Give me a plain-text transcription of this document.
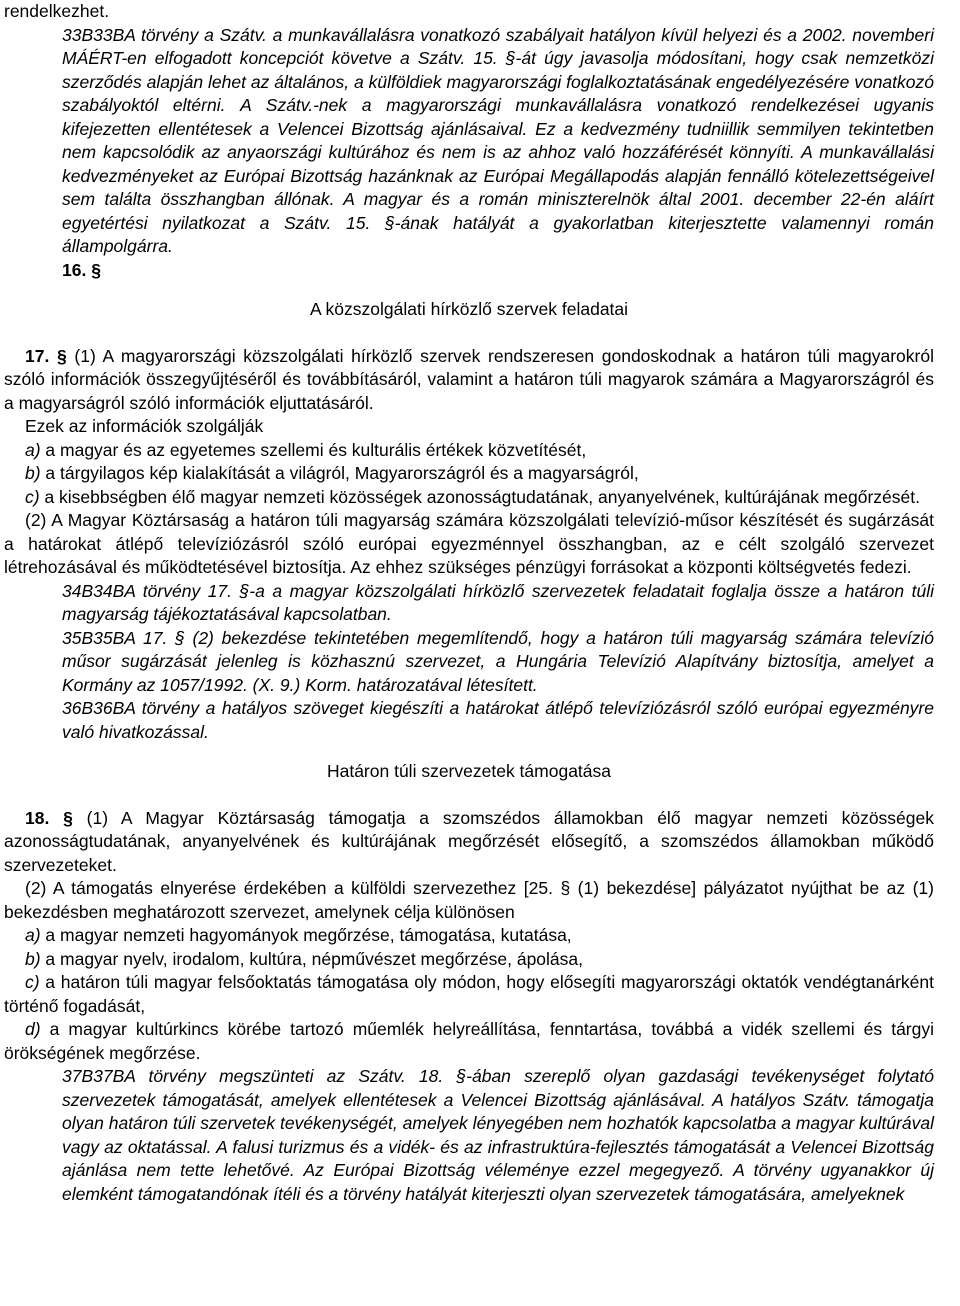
rendelkezhet.

33B33BA törvény a Szátv. a munkavállalásra vonatkozó szabályait hatályon kívül helyezi és a 2002. novemberi MÁÉRT-en elfogadott koncepciót követve a Szátv. 15. §-át úgy javasolja módosítani, hogy csak nemzetközi szerződés alapján lehet az általános, a külföldiek magyarországi foglalkoztatásának engedélyezésére vonatkozó szabályoktól eltérni. A Szátv.-nek a magyarországi munkavállalásra vonatkozó rendelkezései ugyanis kifejezetten ellentétesek a Velencei Bizottság ajánlásaival. Ez a kedvezmény tudniillik semmilyen tekintetben nem kapcsolódik az anyaországi kultúrához és nem is az ahhoz való hozzáférését könnyíti. A munkavállalási kedvezményeket az Európai Bizottság hazánknak az Európai Megállapodás alapján fennálló kötelezettségeivel sem találta összhangban állónak. A magyar és a román miniszterelnök által 2001. december 22-én aláírt egyetértési nyilatkozat a Szátv. 15. §-ának hatályát a gyakorlatban kiterjesztette valamennyi román állampolgárra.

16. §

A közszolgálati hírközlő szervek feladatai

17. § (1) A magyarországi közszolgálati hírközlő szervek rendszeresen gondoskodnak a határon túli magyarokról szóló információk összegyűjtéséről és továbbításáról, valamint a határon túli magyarok számára a Magyarországról és a magyarságról szóló információk eljuttatásáról.

Ezek az információk szolgálják

a) a magyar és az egyetemes szellemi és kulturális értékek közvetítését,

b) a tárgyilagos kép kialakítását a világról, Magyarországról és a magyarságról,

c) a kisebbségben élő magyar nemzeti közösségek azonosságtudatának, anyanyelvének, kultúrájának megőrzését.

(2) A Magyar Köztársaság a határon túli magyarság számára közszolgálati televízió-műsor készítését és sugárzását a határokat átlépő televíziózásról szóló európai egyezménnyel összhangban, az e célt szolgáló szervezet létrehozásával és működtetésével biztosítja. Az ehhez szükséges pénzügyi forrásokat a központi költségvetés fedezi.

34B34BA törvény 17. §-a a magyar közszolgálati hírközlő szervezetek feladatait foglalja össze a határon túli magyarság tájékoztatásával kapcsolatban.

35B35BA 17. § (2) bekezdése tekintetében megemlítendő, hogy a határon túli magyarság számára televízió műsor sugárzását jelenleg is közhasznú szervezet, a Hungária Televízió Alapítvány biztosítja, amelyet a Kormány az 1057/1992. (X. 9.) Korm. határozatával létesített.

36B36BA törvény a hatályos szöveget kiegészíti a határokat átlépő televíziózásról szóló európai egyezményre való hivatkozással.

Határon túli szervezetek támogatása

18. § (1) A Magyar Köztársaság támogatja a szomszédos államokban élő magyar nemzeti közösségek azonosságtudatának, anyanyelvének és kultúrájának megőrzését elősegítő, a szomszédos államokban működő szervezeteket.

(2) A támogatás elnyerése érdekében a külföldi szervezethez [25. § (1) bekezdése] pályázatot nyújthat be az (1) bekezdésben meghatározott szervezet, amelynek célja különösen

a) a magyar nemzeti hagyományok megőrzése, támogatása, kutatása,

b) a magyar nyelv, irodalom, kultúra, népművészet megőrzése, ápolása,

c) a határon túli magyar felsőoktatás támogatása oly módon, hogy elősegíti magyarországi oktatók vendégtanárként történő fogadását,

d) a magyar kultúrkincs körébe tartozó műemlék helyreállítása, fenntartása, továbbá a vidék szellemi és tárgyi örökségének megőrzése.

37B37BA törvény megszünteti az Szátv. 18. §-ában szereplő olyan gazdasági tevékenységet folytató szervezetek támogatását, amelyek ellentétesek a Velencei Bizottság ajánlásával. A hatályos Szátv. támogatja olyan határon túli szervetek tevékenységét, amelyek lényegében nem hozhatók kapcsolatba a magyar kultúrával vagy az oktatással. A falusi turizmus és a vidék- és az infrastruktúra-fejlesztés támogatását a Velencei Bizottság ajánlása nem tette lehetővé. Az Európai Bizottság véleménye ezzel megegyező. A törvény ugyanakkor új elemként támogatandónak ítéli és a törvény hatályát kiterjeszti olyan szervezetek támogatására, amelyeknek
